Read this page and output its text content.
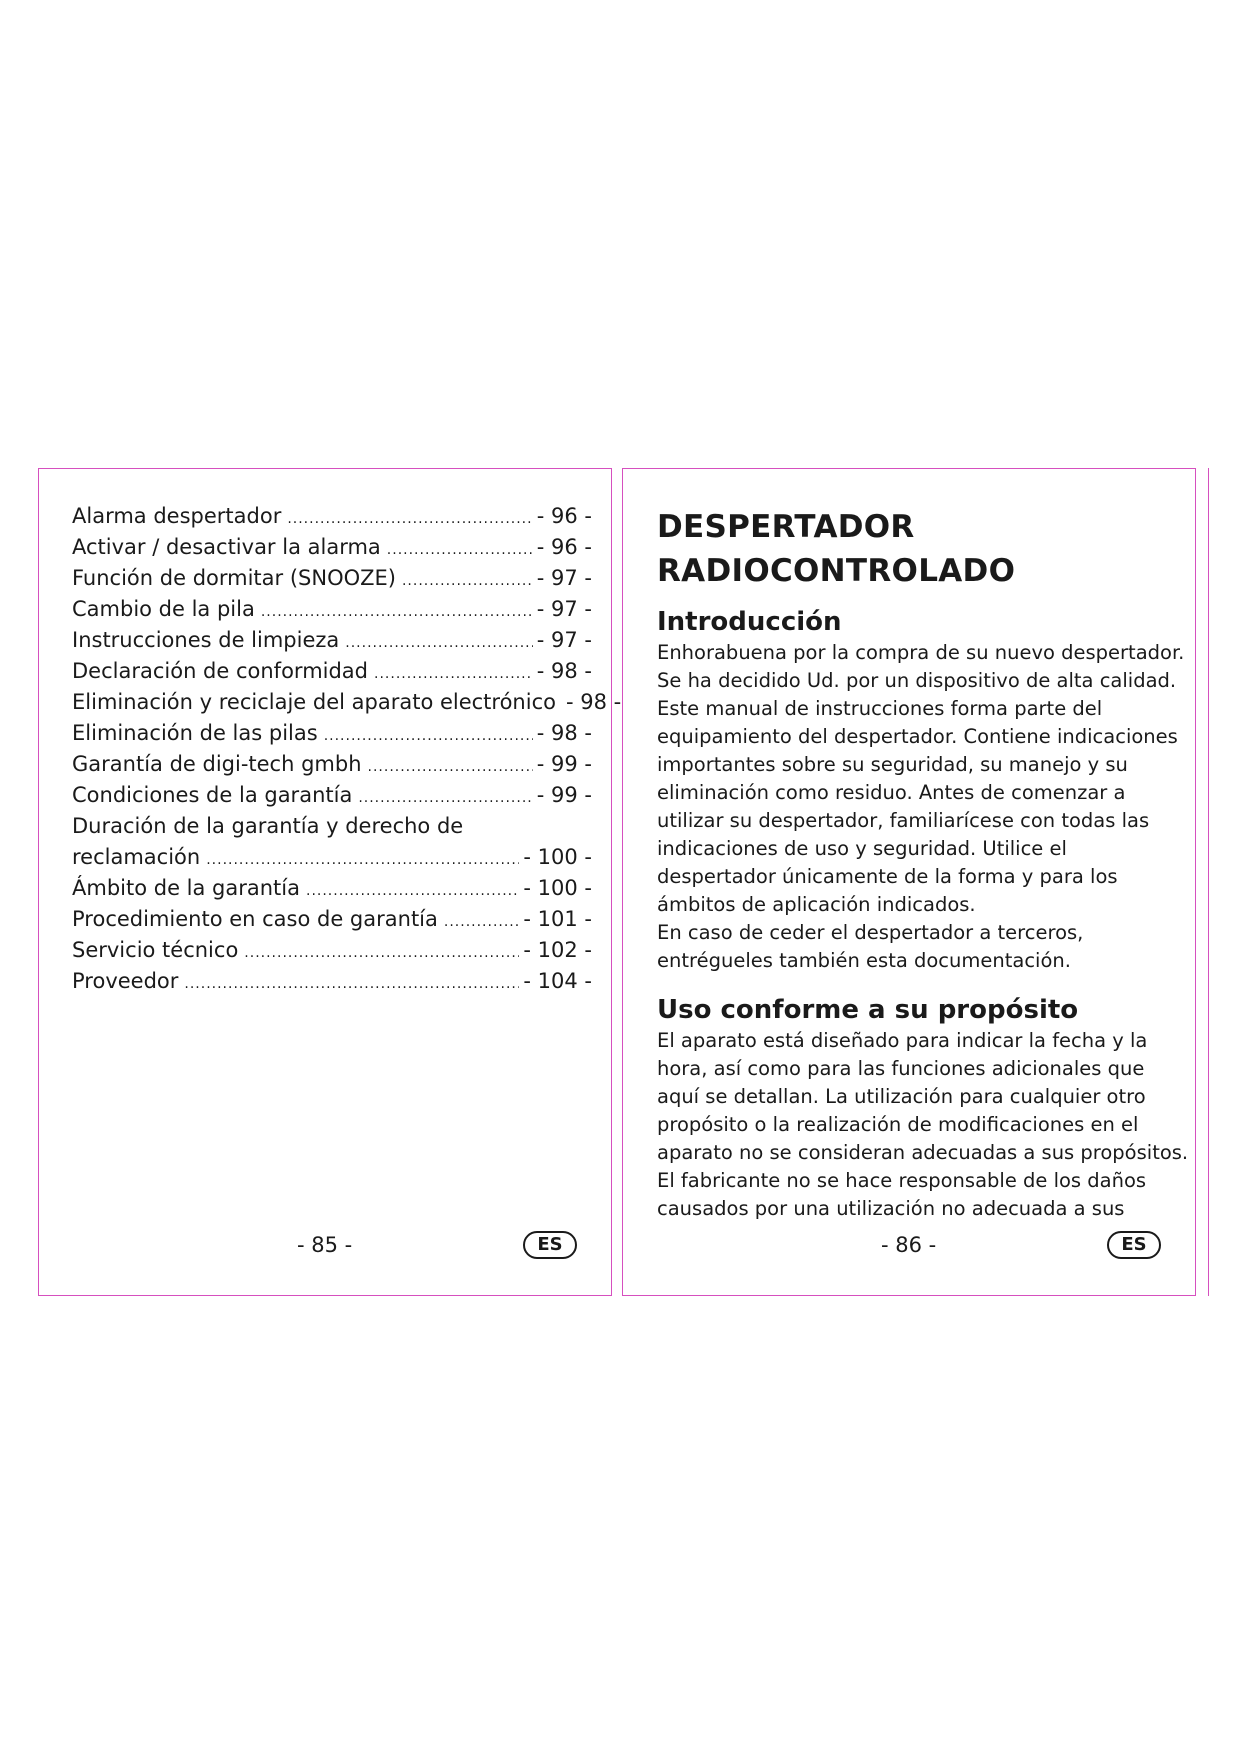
Alarma despertador .....	- 96 -
Activar / desactivar la alarma .....	- 96 -
Función de dormitar (SNOOZE) .....	- 97 -
Cambio de la pila .....	- 97 -
Instrucciones de limpieza .....	- 97 -
Declaración de conformidad .....	- 98 -
Eliminación y reciclaje del aparato electrónico - 98 -
Eliminación de las pilas .....	- 98 -
Garantía de digi-tech gmbh .....	- 99 -
Condiciones de la garantía .....	- 99 -
Duración de la garantía y derecho de
reclamación .....	- 100 -
Ámbito de la garantía .....	- 100 -
Procedimiento en caso de garantía .....	- 101 -
Servicio técnico .....	- 102 -
Proveedor .....	- 104 -
- 85 -	ES
DESPERTADOR
RADIOCONTROLADO
Introducción

Enhorabuena por la compra de su nuevo despertador.

Se ha decidido Ud. por un dispositivo de alta calidad.

Este manual de instrucciones forma parte del

equipamiento del despertador. Contiene indicaciones

importantes sobre su seguridad, su manejo y su

eliminación como residuo. Antes de comenzar a

utilizar su despertador, familiarícese con todas las

indicaciones de uso y seguridad. Utilice el

despertador únicamente de la forma y para los

ámbitos de aplicación indicados.

En caso de ceder el despertador a terceros,

entrégueles también esta documentación.

Uso conforme a su propósito

El aparato está diseñado para indicar la fecha y la

hora, así como para las funciones adicionales que

aquí se detallan. La utilización para cualquier otro

propósito o la realización de modificaciones en el

aparato no se consideran adecuadas a sus propósitos.

El fabricante no se hace responsable de los daños

causados por una utilización no adecuada a sus

- 86 -	ES
